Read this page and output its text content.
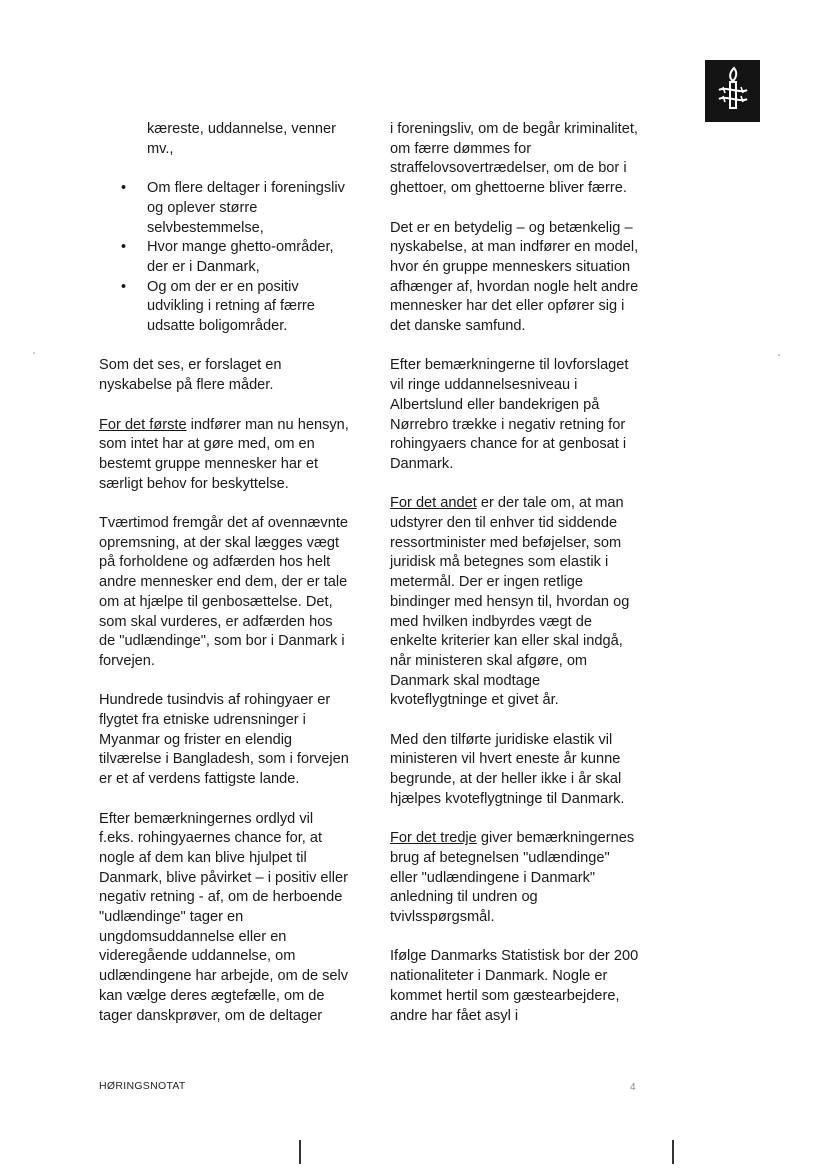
kæreste, uddannelse, venner mv.,

• Om flere deltager i foreningsliv og oplever større selvbestemmelse,
• Hvor mange ghetto-områder, der er i Danmark,
• Og om der er en positiv udvikling i retning af færre udsatte boligområder.

Som det ses, er forslaget en nyskabelse på flere måder.

For det første indfører man nu hensyn, som intet har at gøre med, om en bestemt gruppe mennesker har et særligt behov for beskyttelse.

Tværtimod fremgår det af ovennævnte opremsning, at der skal lægges vægt på forholdene og adfærden hos helt andre mennesker end dem, der er tale om at hjælpe til genbosættelse. Det, som skal vurderes, er adfærden hos de "udlændinge", som bor i Danmark i forvejen.

Hundrede tusindvis af rohingyaer er flygtet fra etniske udrensninger i Myanmar og frister en elendig tilværelse i Bangladesh, som i forvejen er et af verdens fattigste lande.

Efter bemærkningernes ordlyd vil f.eks. rohingyaernes chance for, at nogle af dem kan blive hjulpet til Danmark, blive påvirket – i positiv eller negativ retning - af, om de herboende "udlændinge" tager en ungdomsuddannelse eller en videregående uddannelse, om udlændingene har arbejde, om de selv kan vælge deres ægtefælle, om de tager danskprøver, om de deltager

i foreningsliv, om de begår kriminalitet, om færre dømmes for straffelovsovertrædelser, om de bor i ghettoer, om ghettoerne bliver færre.

Det er en betydelig – og betænkelig – nyskabelse, at man indfører en model, hvor én gruppe menneskers situation afhænger af, hvordan nogle helt andre mennesker har det eller opfører sig i det danske samfund.

Efter bemærkningerne til lovforslaget vil ringe uddannelsesniveau i Albertslund eller bandekrigen på Nørrebro trække i negativ retning for rohingyaers chance for at genbosat i Danmark.

For det andet er der tale om, at man udstyrer den til enhver tid siddende ressortminister med beføjelser, som juridisk må betegnes som elastik i metermål. Der er ingen retlige bindinger med hensyn til, hvordan og med hvilken indbyrdes vægt de enkelte kriterier kan eller skal indgå, når ministeren skal afgøre, om Danmark skal modtage kvoteflygtninge et givet år.

Med den tilførte juridiske elastik vil ministeren vil hvert eneste år kunne begrunde, at der heller ikke i år skal hjælpes kvoteflygtninge til Danmark.

For det tredje giver bemærkningernes brug af betegnelsen "udlændinge" eller "udlændingene i Danmark" anledning til undren og tvivlsspørgsmål.

Ifølge Danmarks Statistisk bor der 200 nationaliteter i Danmark. Nogle er kommet hertil som gæstearbejdere, andre har fået asyl i

HØRINGSNOTAT	4
